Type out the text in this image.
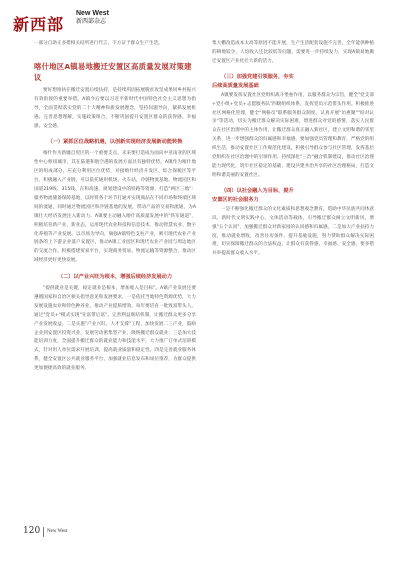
新西部
New West
新西部杂志

一部分自助正多措相关结所进行代言，不方证于群众生产生活。

喀什地区A镇易地搬迁安置区高质量发展对策建议

要好想推执在搬迁安置后续扶持，是持续巩固拓展脱贫攻坚成果同乡村振兴有效衔接的重要举措。A镇今后要以习近平新时代中国特色社会主义思想为指导，全面贯彻落实党的二十大精神和新发展理念，坚持问题导向，紧抓发展机遇，完善思想理解，实施政策组合，不断巩固提升安置区群众的获得感、幸福感、安全感。

（一）紧抓区位战略机遇，以创新实现经济发展新动能转换

喀什作为新疆自贸区的一个重要支点，未来要打造成为面向中亚南亚的区域性中心枢纽城市，其在陆港和航空港的发展方面具有独特优势。A镇作为喀什地区的组成部分，应充分利用区位优势，对接喀什经济开发区、综合保税区等平台，积极融入产业链。可以依托通用机场、火车站、冷链物流基地、物流园区和国道219线、315线、在和高速、规划建设中的铁路等资源，打造"两区三地"：服务物流储备保障基地，以时将各个环节打通并实现商品在不同市场和终端区域间的流通，同时通过物流园区和冷链基地的发展，带动产品的交易和流通，为A镇壮大经济发展注入新动力。A镇要主动融入喀什高质量发展中的"铁军通道"，积极培育新产业、新业态，运用现代农业科技和信息技术，推动智慧农业、数字化养殖等产业发展。以市场为导向，做强A镇特色支柱产业，吸引现代农业产业链条的上下游企业落户安置区，推动A镇工业园区和现代农业产业园与周边地区的交流合作。积极搭建贸易平台，实现商务贸易、物流运输等资源整合，推动区域经济更好更快发展。

（二）以产业兴旺为根本，增强后续经济发展动力

"提供就业是关键，稳定就业是根本，增加收入是目标"。A镇产业发展还要遵循国家和自治区相关指导意见和发展要求，一是依托当地特色资源优势，大力发展设施农业和特色种养业，推动产业提质增效，每年要培育一批致富带头人，通过"党员+"模式实现"先富带后富"。完善利益联结机制，让搬迁群众更多分享产业发展收益。二是实施"产业兴旺、人才支撑"工程，加快发展二三产业，鼓励企业到安置区投资兴业，发展劳动密集型产业，吸纳搬迁群众就业；三是加大技能培训力度，全面提升搬迁群众的就业能力和技能水平，大力推广订单式培训模式，针对用人单位需求开展培训，提高就业质量和稳定性。四是完善就业服务体系，健全安置区公共就业服务平台，加强就业信息发布和岗位推荐，为群众提供更加便捷高效的就业服务。

集大棚改造成本太高等原因不能开展，生产生活配套设施不完善，全年能供种植的耕地较少，人均收入还比较低等问题，需要进一步持续发力，实现A镇易地搬迁安置区产业化壮大新的活力。

（三）加强党建引领服务，夯实
后续高质量发展基础

A镇要发挥安置社区党组织战斗堡垒作用，以服务群众为宗旨，健全"党支部+党小组+党员+志愿服务队"四级组织体系，发挥党员示范带头作用。积极推进社区网格化管理，健全"网格员"联系服务群众制度，认真开展"访惠聚""结对认亲"等活动，切实为搬迁群众解决实际困难，增进群众对党的感情，落实人民群众在社区治理中的主体作用，让搬迁群众真正融入新社区，建立文明和谐的邻里关系，进一步增强群众的归属感和幸福感。要加强党员管理和教育，严格党的组织生活，推动安置社区工作规范化建设。积极引导群众参与社区管理，发挥基层党组织在社区治理中的引领作用。持续深化"三治"融合机制建设，推动社区治理能力现代化，筑牢社区稳定的基础，建设共建共治共享的社区治理格局，打造文明和谐美丽的安置社区。

（四）以社会融入为目标，提升
安置区的社会服务力

一是不断强化搬迁群众的文化素质和思想观念教育，借助中华民族共同体意识、新时代文明实践中心、文体活动等载体，引导搬迁群众树立文明新风，增强"五个认同"，加强搬迁群众对新家园的认同感和归属感。二是加大产业扶持力度，推动就业增收，改善住房条件，提升基础设施，努力帮助群众解决实际困难，切实保障搬迁群众的合法权益，让群众有获得感、幸福感、安全感，要多措并举提高群众收入水平。

120 New West
